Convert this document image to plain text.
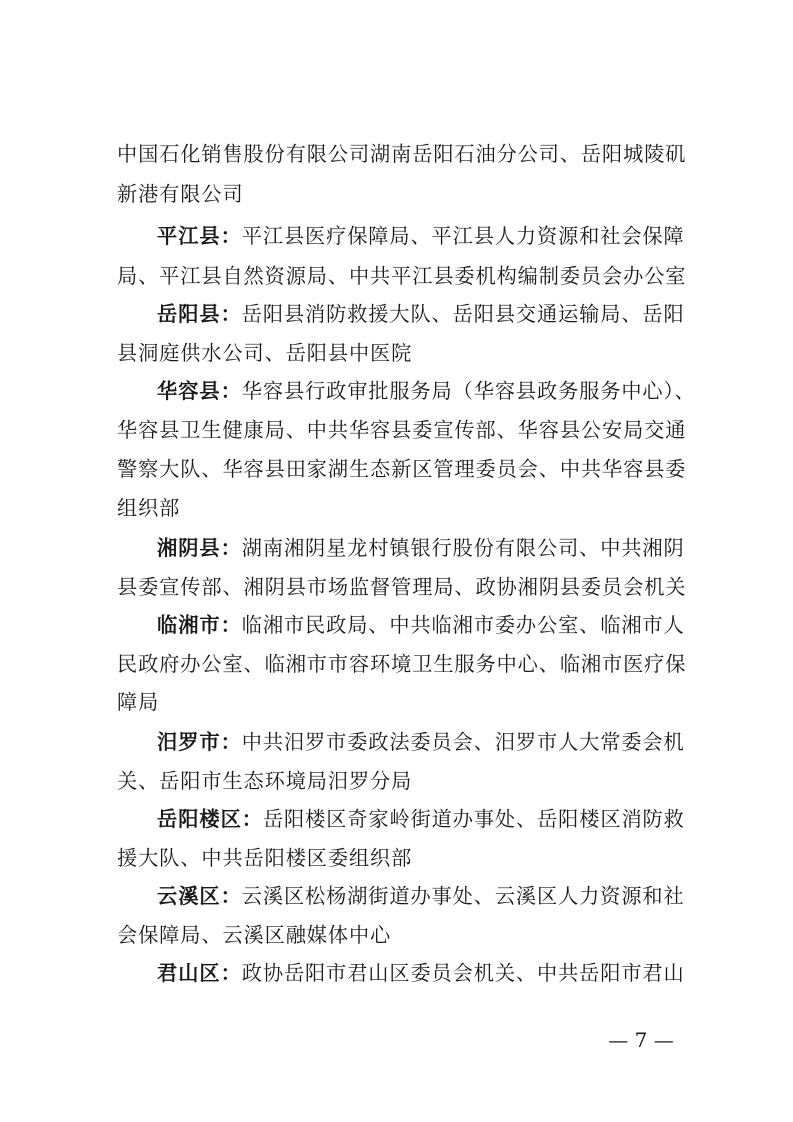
中国石化销售股份有限公司湖南岳阳石油分公司、岳阳城陵矶
新港有限公司
平江县：平江县医疗保障局、平江县人力资源和社会保障
局、平江县自然资源局、中共平江县委机构编制委员会办公室
岳阳县：岳阳县消防救援大队、岳阳县交通运输局、岳阳
县洞庭供水公司、岳阳县中医院
华容县：华容县行政审批服务局（华容县政务服务中心）、
华容县卫生健康局、中共华容县委宣传部、华容县公安局交通
警察大队、华容县田家湖生态新区管理委员会、中共华容县委
组织部
湘阴县：湖南湘阴星龙村镇银行股份有限公司、中共湘阴
县委宣传部、湘阴县市场监督管理局、政协湘阴县委员会机关
临湘市：临湘市民政局、中共临湘市委办公室、临湘市人
民政府办公室、临湘市市容环境卫生服务中心、临湘市医疗保
障局
汨罗市：中共汨罗市委政法委员会、汨罗市人大常委会机
关、岳阳市生态环境局汨罗分局
岳阳楼区：岳阳楼区奇家岭街道办事处、岳阳楼区消防救
援大队、中共岳阳楼区委组织部
云溪区：云溪区松杨湖街道办事处、云溪区人力资源和社
会保障局、云溪区融媒体中心
君山区：政协岳阳市君山区委员会机关、中共岳阳市君山
— 7 —
